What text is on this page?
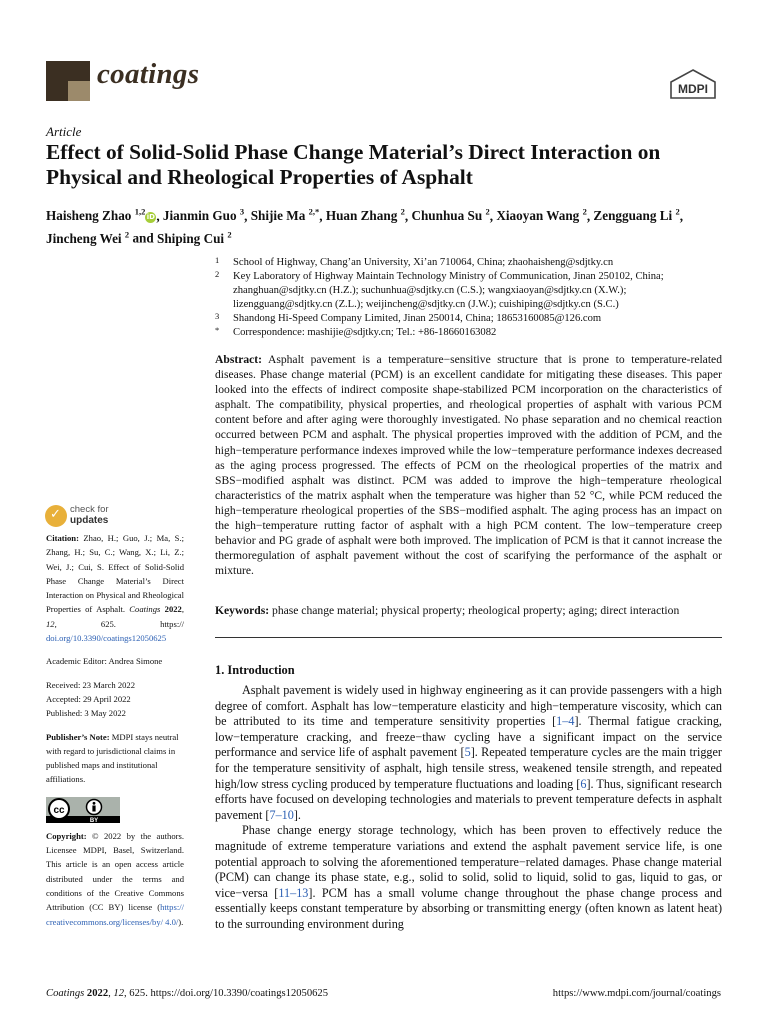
coatings	MDPI
Article
Effect of Solid-Solid Phase Change Material’s Direct Interaction on Physical and Rheological Properties of Asphalt
Haisheng Zhao $^{1,2}$iD, Jianmin Guo $^3$, Shijie Ma $^{2,*}$, Huan Zhang $^2$, Chunhua Su $^2$, Xiaoyan Wang $^2$, Zengguang Li $^2$, Jincheng Wei $^2$ and Shiping Cui $^2$
1 School of Highway, Chang’an University, Xi’an 710064, China; zhaohaisheng@sdjtky.cn
2 Key Laboratory of Highway Maintain Technology Ministry of Communication, Jinan 250102, China; zhanghuan@sdjtky.cn (H.Z.); suchunhua@sdjtky.cn (C.S.); wangxiaoyan@sdjtky.cn (X.W.); lizengguang@sdjtky.cn (Z.L.); weijincheng@sdjtky.cn (J.W.); cuishiping@sdjtky.cn (S.C.)
3 Shandong Hi-Speed Company Limited, Jinan 250014, China; 18653160085@126.com
* Correspondence: mashijie@sdjtky.cn; Tel.: +86-18660163082

Abstract: Asphalt pavement is a temperature−sensitive structure that is prone to temperature-related diseases. Phase change material (PCM) is an excellent candidate for mitigating these diseases. This paper looked into the effects of indirect composite shape-stabilized PCM incorporation on the characteristics of asphalt. The compatibility, physical properties, and rheological properties of asphalt with various PCM content before and after aging were thoroughly investigated. No phase separation and no chemical reaction occurred between PCM and asphalt. The physical properties improved with the addition of PCM, and the high−temperature performance indexes improved while the low−temperature performance indexes decreased as the aging process progressed. The effects of PCM on the rheological properties of the matrix and SBS−modified asphalt was distinct. PCM was added to improve the high−temperature rheological characteristics of the matrix asphalt when the temperature was higher than 52 °C, while PCM reduced the high−temperature rheological properties of the SBS−modified asphalt. The aging process has an impact on the high−temperature rutting factor of asphalt with a high PCM content. The low−temperature creep behavior and PG grade of asphalt were both improved. The implication of PCM is that it cannot increase the thermoregulation of asphalt pavement without the cost of scarifying the performance of the asphalt or mixture.

Keywords: phase change material; physical property; rheological property; aging; direct interaction

✓ check for
updates

Citation: Zhao, H.; Guo, J.; Ma, S.; Zhang, H.; Su, C.; Wang, X.; Li, Z.; Wei, J.; Cui, S. Effect of Solid-Solid Phase Change Material’s Direct Interaction on Physical and Rheological Properties of Asphalt. Coatings 2022, 12, 625. https:// doi.org/10.3390/coatings12050625

Academic Editor: Andrea Simone

Received: 23 March 2022

Accepted: 29 April 2022

Published: 3 May 2022

Publisher’s Note: MDPI stays neutral with regard to jurisdictional claims in published maps and institutional affiliations.

cc
BY

Copyright: © 2022 by the authors. Licensee MDPI, Basel, Switzerland. This article is an open access article distributed under the terms and conditions of the Creative Commons Attribution (CC BY) license (https:// creativecommons.org/licenses/by/ 4.0/).

1. Introduction

Asphalt pavement is widely used in highway engineering as it can provide passengers with a high degree of comfort. Asphalt has low−temperature elasticity and high−temperature viscosity, which can be attributed to its time and temperature sensitivity properties [1–4]. Thermal fatigue cracking, low−temperature cracking, and freeze−thaw cycling have a significant impact on the service performance and service life of asphalt pavement [5]. Repeated temperature cycles are the main trigger for the temperature sensitivity of asphalt, high tensile stress, weakened tensile strength, and repeated high/low stress cycling produced by temperature fluctuations and loading [6]. Thus, significant research efforts have focused on developing technologies and materials to prevent temperature defects in asphalt pavement [7–10].

Phase change energy storage technology, which has been proven to effectively reduce the magnitude of extreme temperature variations and extend the asphalt pavement service life, is one potential approach to solving the aforementioned temperature−related damages. Phase change material (PCM) can change its phase state, e.g., solid to solid, solid to liquid, solid to gas, liquid to gas, or vice−versa [11–13]. PCM has a small volume change throughout the phase change process and essentially keeps constant temperature by absorbing or transmitting energy (often known as latent heat) to the surrounding environment during

Coatings 2022, 12, 625. https://doi.org/10.3390/coatings12050625	https://www.mdpi.com/journal/coatings
